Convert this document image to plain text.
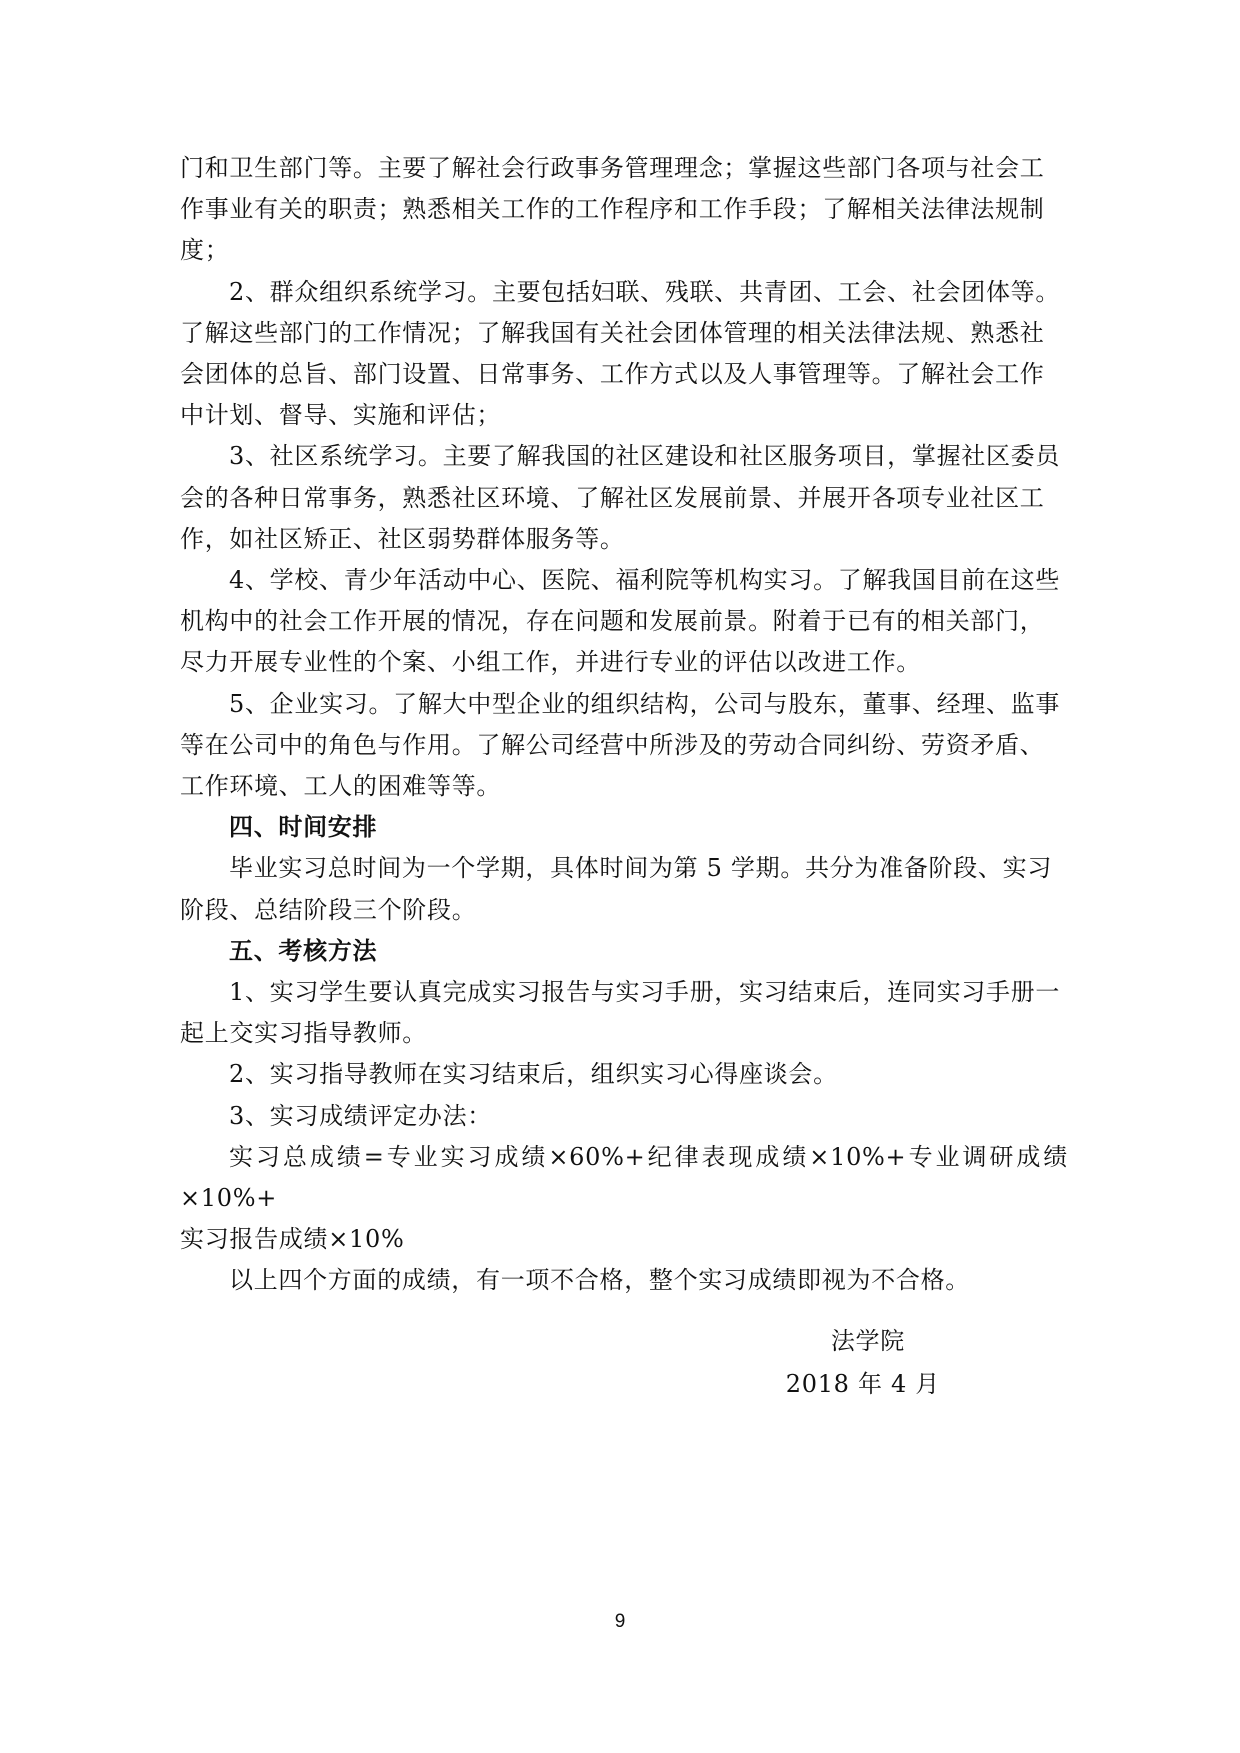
门和卫生部门等。主要了解社会行政事务管理理念；掌握这些部门各项与社会工
作事业有关的职责；熟悉相关工作的工作程序和工作手段；了解相关法律法规制
度；

2、群众组织系统学习。主要包括妇联、残联、共青团、工会、社会团体等。
了解这些部门的工作情况；了解我国有关社会团体管理的相关法律法规、熟悉社
会团体的总旨、部门设置、日常事务、工作方式以及人事管理等。了解社会工作
中计划、督导、实施和评估；

3、社区系统学习。主要了解我国的社区建设和社区服务项目，掌握社区委员
会的各种日常事务，熟悉社区环境、了解社区发展前景、并展开各项专业社区工
作，如社区矫正、社区弱势群体服务等。

4、学校、青少年活动中心、医院、福利院等机构实习。了解我国目前在这些
机构中的社会工作开展的情况，存在问题和发展前景。附着于已有的相关部门，
尽力开展专业性的个案、小组工作，并进行专业的评估以改进工作。

5、企业实习。了解大中型企业的组织结构，公司与股东，董事、经理、监事
等在公司中的角色与作用。了解公司经营中所涉及的劳动合同纠纷、劳资矛盾、
工作环境、工人的困难等等。

四、时间安排

毕业实习总时间为一个学期，具体时间为第 5 学期。共分为准备阶段、实习
阶段、总结阶段三个阶段。

五、考核方法

1、实习学生要认真完成实习报告与实习手册，实习结束后，连同实习手册一
起上交实习指导教师。

2、实习指导教师在实习结束后，组织实习心得座谈会。

3、实习成绩评定办法：

实习总成绩=专业实习成绩×60%+纪律表现成绩×10%+专业调研成绩×10%+
实习报告成绩×10%

以上四个方面的成绩，有一项不合格，整个实习成绩即视为不合格。

法学院
2018 年 4 月
9
